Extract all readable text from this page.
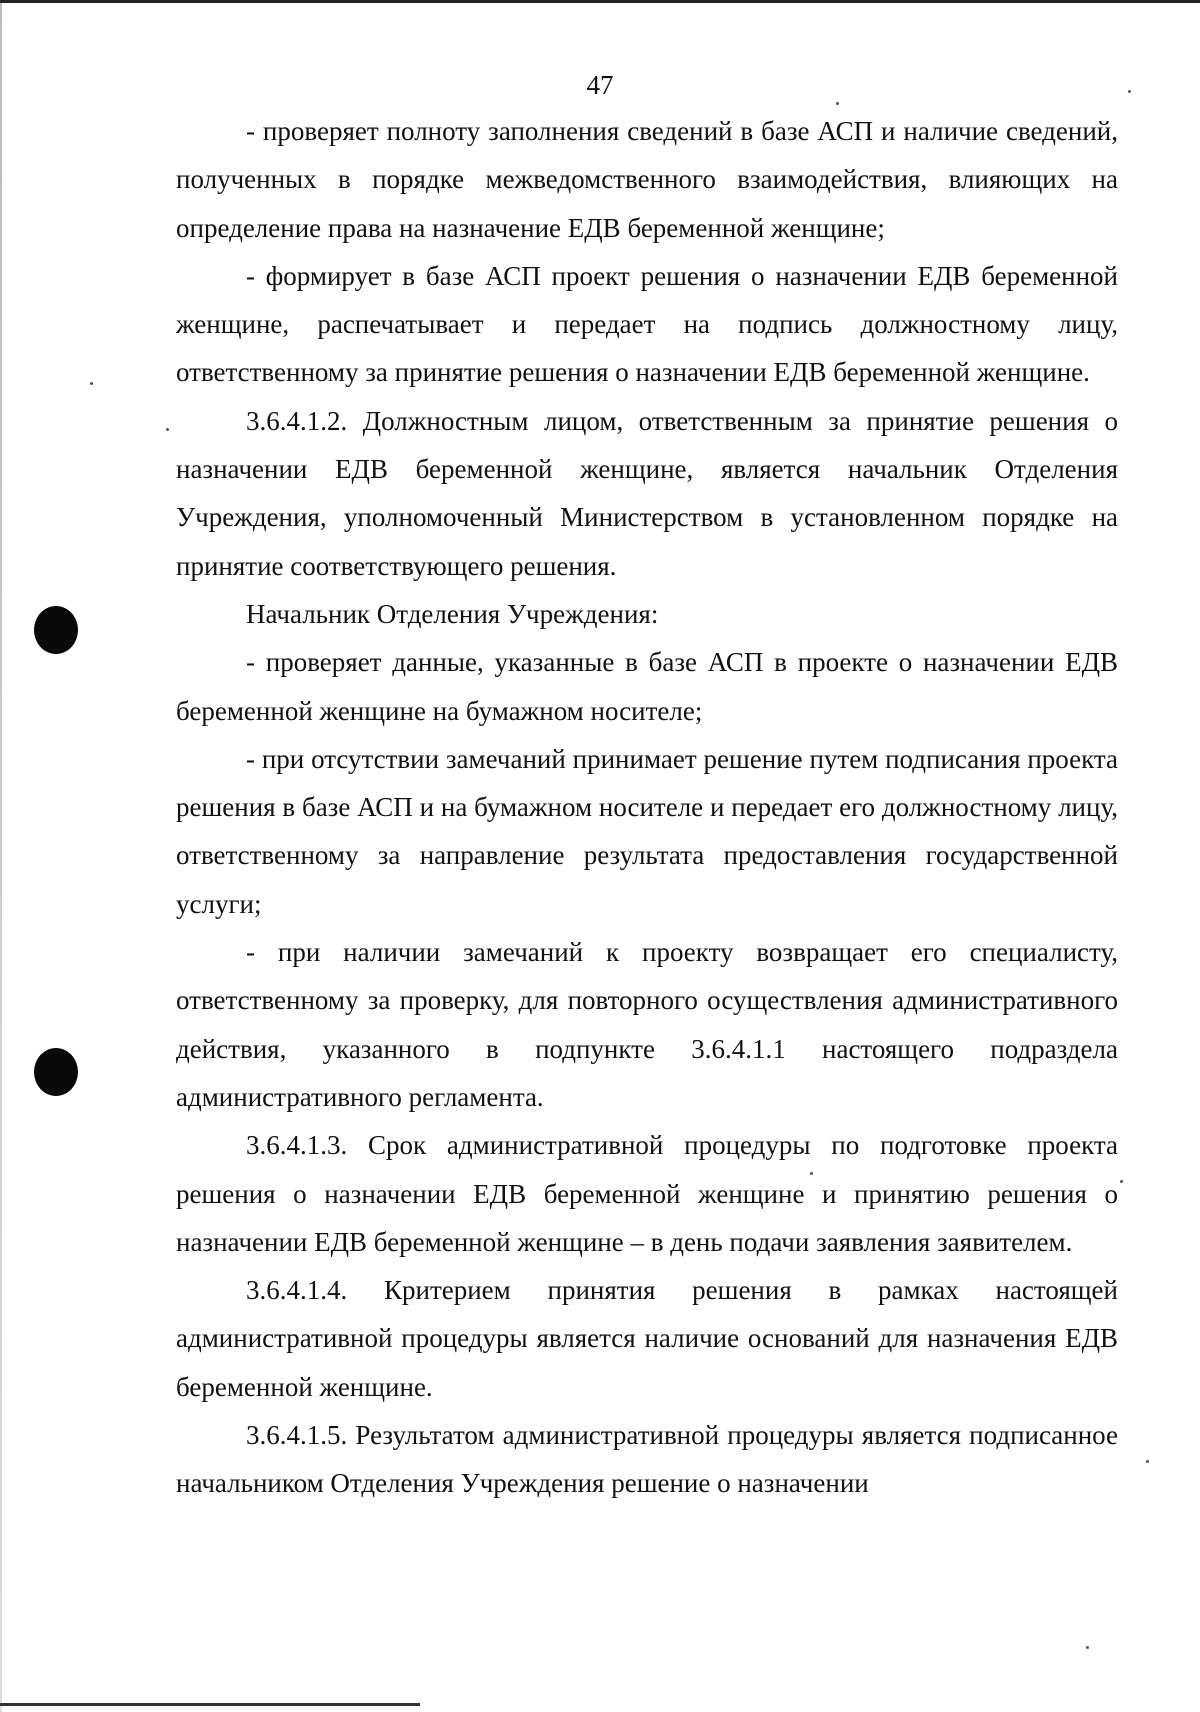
47

- проверяет полноту заполнения сведений в базе АСП и наличие сведений, полученных в порядке межведомственного взаимодействия, влияющих на определение права на назначение ЕДВ беременной женщине;

- формирует в базе АСП проект решения о назначении ЕДВ беременной женщине, распечатывает и передает на подпись должностному лицу, ответственному за принятие решения о назначении ЕДВ беременной женщине.

3.6.4.1.2. Должностным лицом, ответственным за принятие решения о назначении ЕДВ беременной женщине, является начальник Отделения Учреждения, уполномоченный Министерством в установленном порядке на принятие соответствующего решения.

Начальник Отделения Учреждения:

- проверяет данные, указанные в базе АСП в проекте о назначении ЕДВ беременной женщине на бумажном носителе;

- при отсутствии замечаний принимает решение путем подписания проекта решения в базе АСП и на бумажном носителе и передает его должностному лицу, ответственному за направление результата предоставления государственной услуги;

- при наличии замечаний к проекту возвращает его специалисту, ответственному за проверку, для повторного осуществления административного действия, указанного в подпункте 3.6.4.1.1 настоящего подраздела административного регламента.

3.6.4.1.3. Срок административной процедуры по подготовке проекта решения о назначении ЕДВ беременной женщине и принятию решения о назначении ЕДВ беременной женщине – в день подачи заявления заявителем.

3.6.4.1.4. Критерием принятия решения в рамках настоящей административной процедуры является наличие оснований для назначения ЕДВ беременной женщине.

3.6.4.1.5. Результатом административной процедуры является подписанное начальником Отделения Учреждения решение о назначении
